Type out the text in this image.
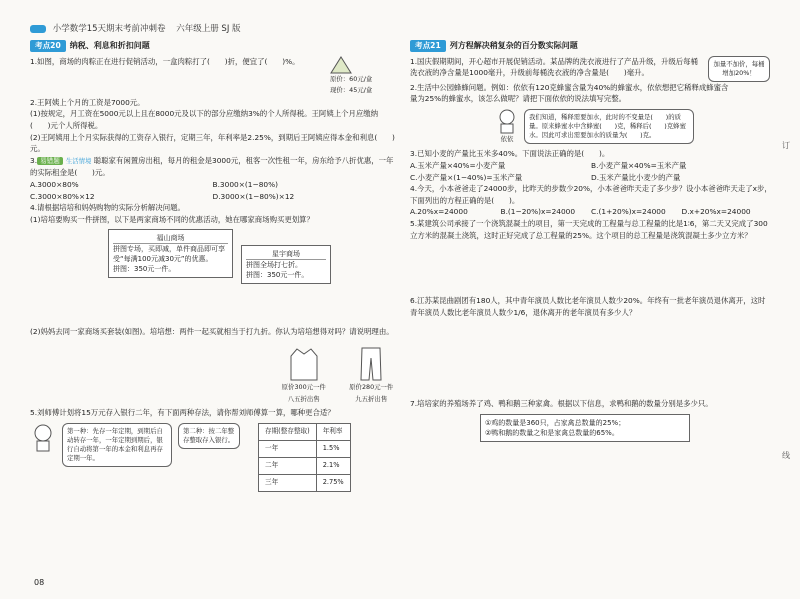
小学数学15天期末考前冲刺卷 六年级上册 SJ 版
考点20	纳税、利息和折扣问题

1.如图，商场的肉粽正在进行促销活动，一盒肉粽打了(　　)折，便宜了(　　)%。

原价：60元/盒
现价：45元/盒

2.王阿姨上个月的工资是7000元。

(1)按规定，月工资在5000元以上且在8000元及以下的部分应缴纳3%的个人所得税。王阿姨上个月应缴纳(　　)元个人所得税。

(2)王阿姨用上个月实际获得的工资存入银行，定期三年，年利率是2.25%，到期后王阿姨应得本金和利息(　　)元。

3. 易错题 生活情境 聪聪家有闲置房出租，每月的租金是3000元，租客一次性租一年，房东给予八折优惠，一年的实际租金是(　　)元。

A.3000×80%	B.3000×(1−80%)
C.3000×80%×12	D.3000×(1−80%)×12

4.请根据培培和妈妈购物的实际分析解决问题。

(1)培培要购买一件拼图，以下是两家商场不同的优惠活动，她在哪家商场购买更划算？

福山商场
拼图专场，买即减，单件商品即可享受“每满100元减30元”的优惠。
拼图：350元一件。
星宇商场
拼图全场打七折。
拼图：350元一件。

(2)妈妈去同一家商场买套装(如图)。培培想：两件一起买就相当于打九折。你认为培培想得对吗？请说明理由。

原价300元一件 八五折出售
原价280元一件 九五折出售

5.刘师傅计划将15万元存入银行二年，有下面两种存法，请你帮刘师傅算一算，哪种更合适？

第一种：先存一年定期，到期后自动转存一年，一年定期到期后，银行自动将第一年的本金和利息再存定期一年。
第二种：按二年整存整取存入银行。
存期(整存整取)	年利率
一年	1.5%
二年	2.1%
三年	2.75%
考点21	列方程解决稍复杂的百分数实际问题

1.国庆假期期间，开心超市开展促销活动。某品牌的洗衣液进行了产品升级，升级后每桶洗衣液的净含量是1000毫升，升级前每桶洗衣液的净含量是(　　)毫升。

加量不加价，每桶增加20%！

2.生活中公园蜂蜂问题。例如：依依有120克蜂蜜含量为40%的蜂蜜水，依依想把它稀释成蜂蜜含量为25%的蜂蜜水，该怎么做呢？请把下面依依的说法填写完整。

依依
我们知道，稀释需要加水，此时的不变量是(　　)的质量。原来蜂蜜水中含蜂蜜(　　)克，稀释后(　　)克蜂蜜水。因此可求出需要加水的质量为(　　)克。

3.已知小麦的产量比玉米多40%。下面说法正确的是(　　)。

A.玉米产量×40%=小麦产量	B.小麦产量×40%=玉米产量
C.小麦产量×(1−40%)=玉米产量	D.玉米产量比小麦少的产量

4.今天，小本爸爸走了24000步，比昨天的步数少20%，小本爸爸昨天走了多少步？设小本爸爸昨天走了x步，下面列出的方程正确的是(　　)。

A.20%x=24000	B.(1−20%)x=24000	C.(1+20%)x=24000	D.x+20%x=24000

5.某建筑公司承接了一个浇筑混凝土的项目，第一天完成的工程量与总工程量的比是1∶6，第二天又完成了300立方米的混凝土浇筑，这时正好完成了总工程量的25%。这个项目的总工程量是浇筑混凝土多少立方米？

6.江苏某昆曲剧团有180人，其中青年演员人数比老年演员人数少20%。年终有一批老年演员退休离开，这时青年演员人数比老年演员人数少1/6，退休离开的老年演员有多少人？

7.培培家的养殖场养了鸡、鸭和鹅三种家禽。根据以下信息，求鸭和鹅的数量分别是多少只。

①鸡的数量是360只，占家禽总数量的25%；
②鸭和鹅的数量之和是家禽总数量的65%。
订
线
08
